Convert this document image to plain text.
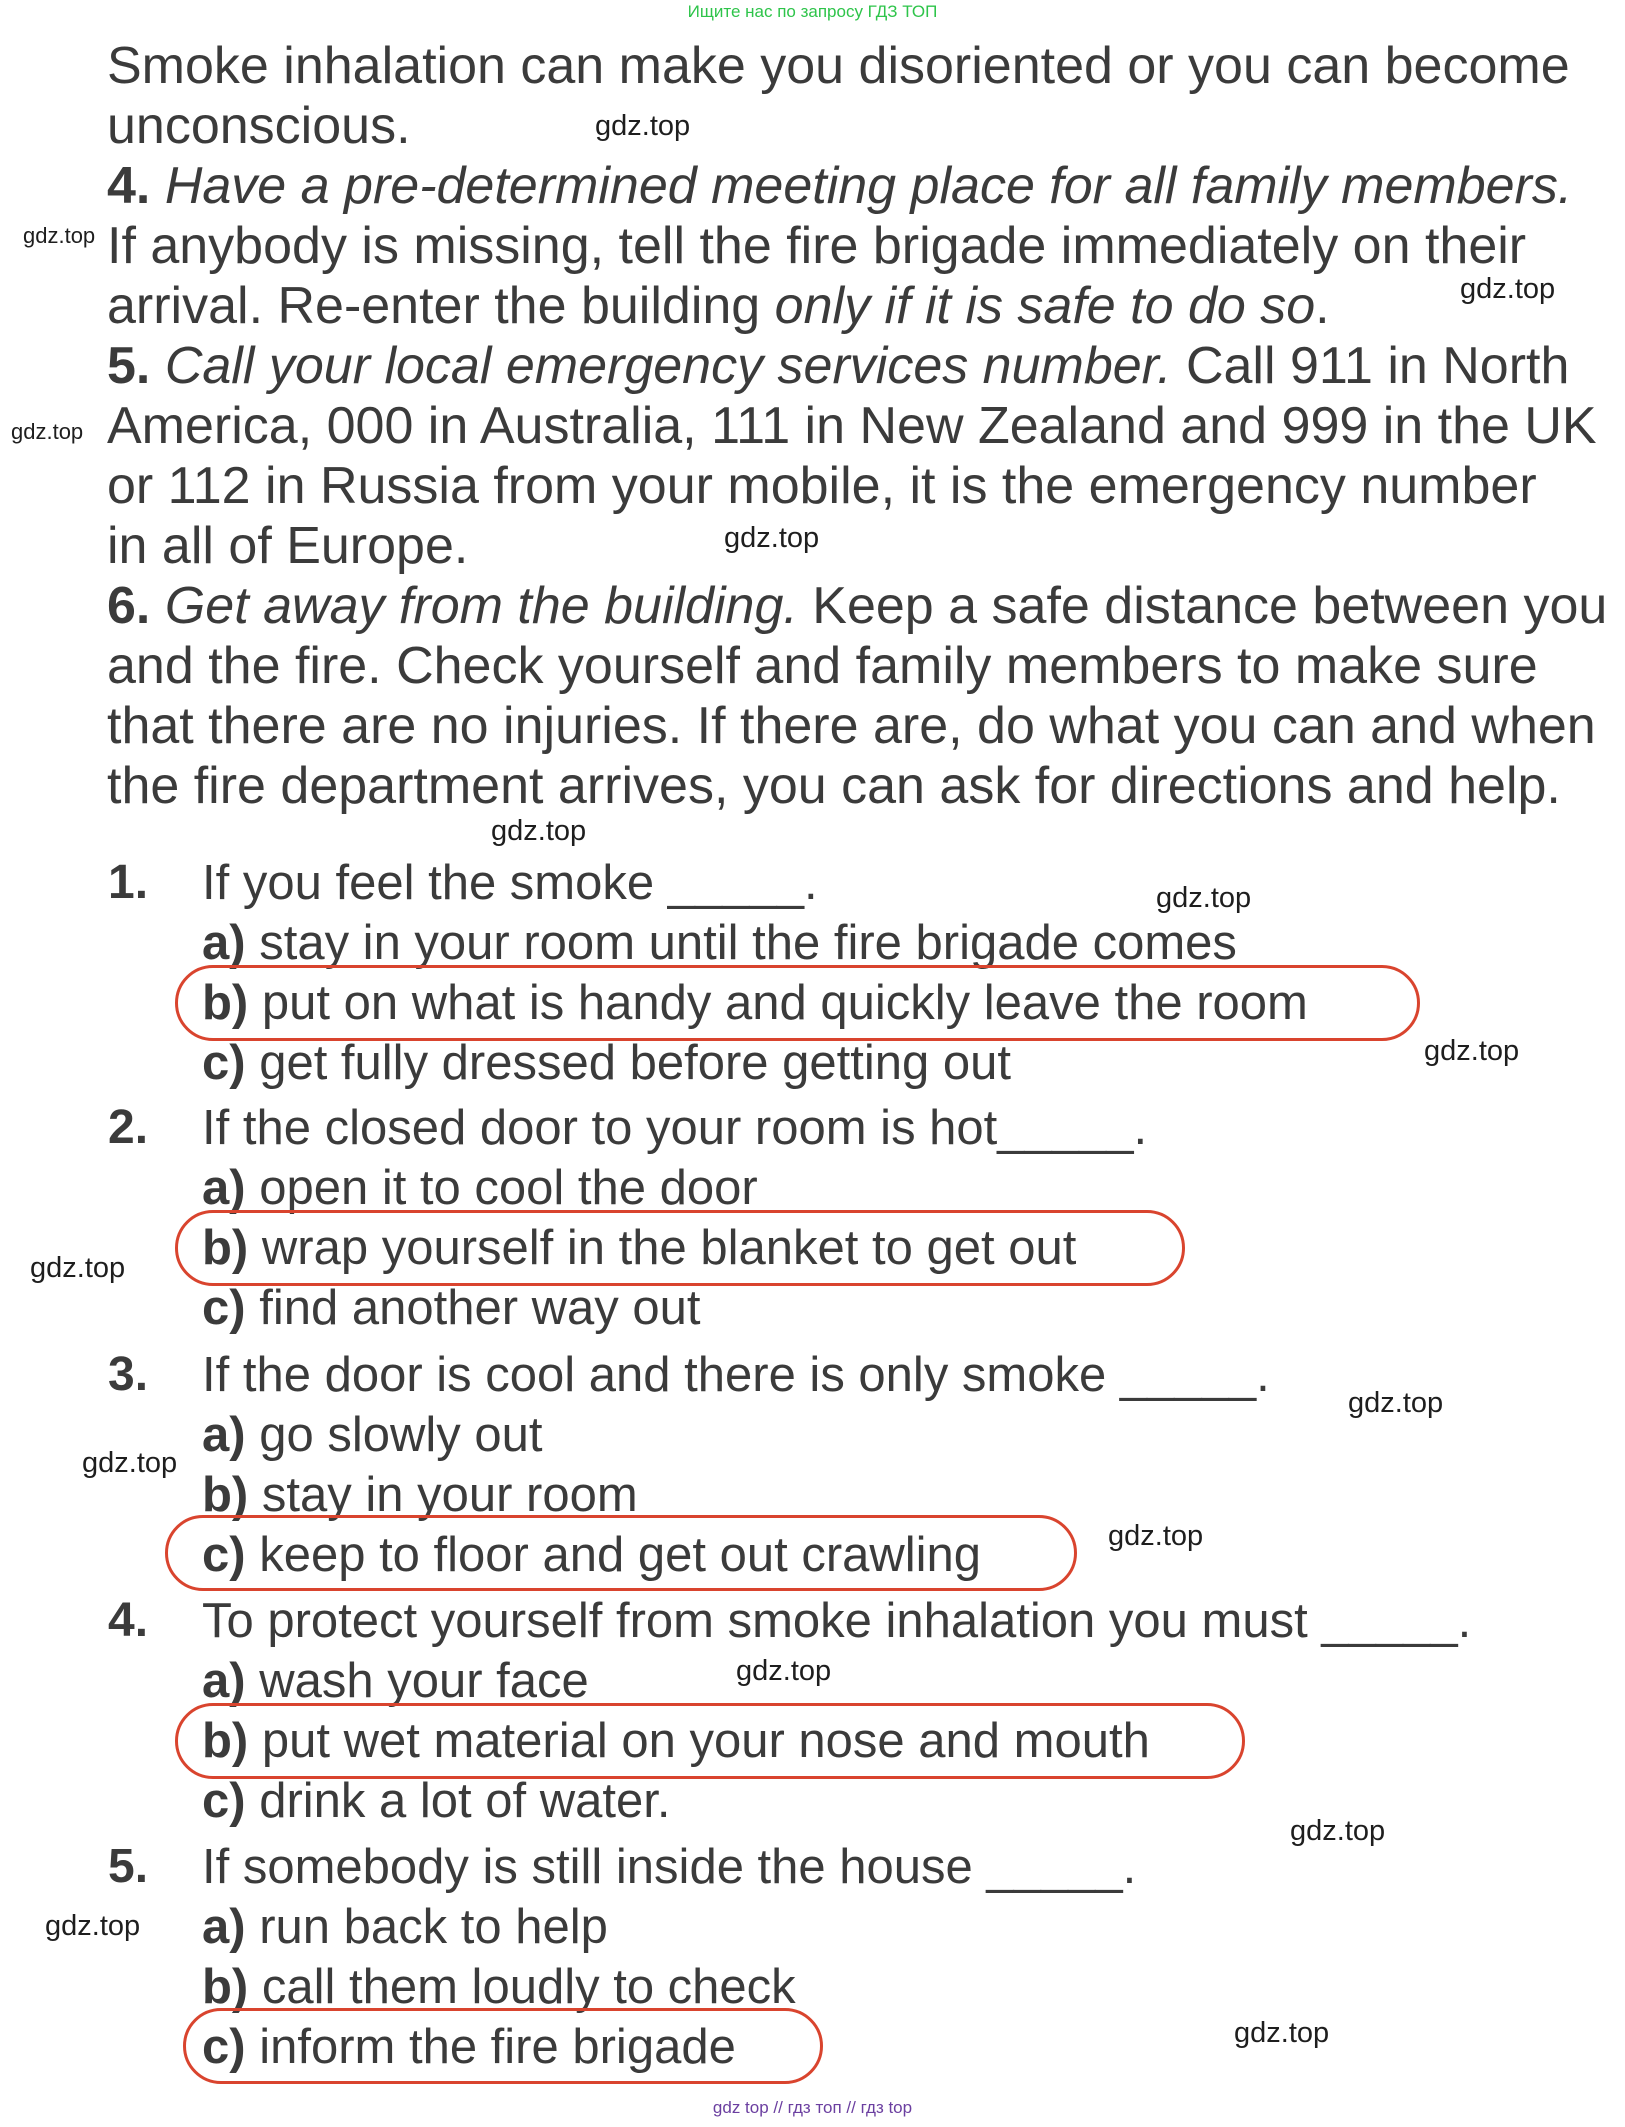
Ищите нас по запросу ГДЗ ТОП
Smoke inhalation can make you disoriented or you can become
unconscious.
4. Have a pre-determined meeting place for all family members.
If anybody is missing, tell the fire brigade immediately on their
arrival. Re-enter the building only if it is safe to do so.
5. Call your local emergency services number. Call 911 in North
America, 000 in Australia, 111 in New Zealand and 999 in the UK
or 112 in Russia from your mobile, it is the emergency number
in all of Europe.
6. Get away from the building. Keep a safe distance between you
and the fire. Check yourself and family members to make sure
that there are no injuries. If there are, do what you can and when
the fire department arrives, you can ask for directions and help.
1. If you feel the smoke _____.
a) stay in your room until the fire brigade comes
b) put on what is handy and quickly leave the room
c) get fully dressed before getting out
2. If the closed door to your room is hot_____.
a) open it to cool the door
b) wrap yourself in the blanket to get out
c) find another way out
3. If the door is cool and there is only smoke _____.
a) go slowly out
b) stay in your room
c) keep to floor and get out crawling
4. To protect yourself from smoke inhalation you must _____.
a) wash your face
b) put wet material on your nose and mouth
c) drink a lot of water.
5. If somebody is still inside the house _____.
a) run back to help
b) call them loudly to check
c) inform the fire brigade
gdz.top
gdz.top
gdz.top
gdz.top
gdz.top
gdz.top
gdz.top
gdz.top
gdz.top
gdz.top
gdz.top
gdz.top
gdz.top
gdz.top
gdz.top
gdz.top
gdz top // гдз топ // гдз top
